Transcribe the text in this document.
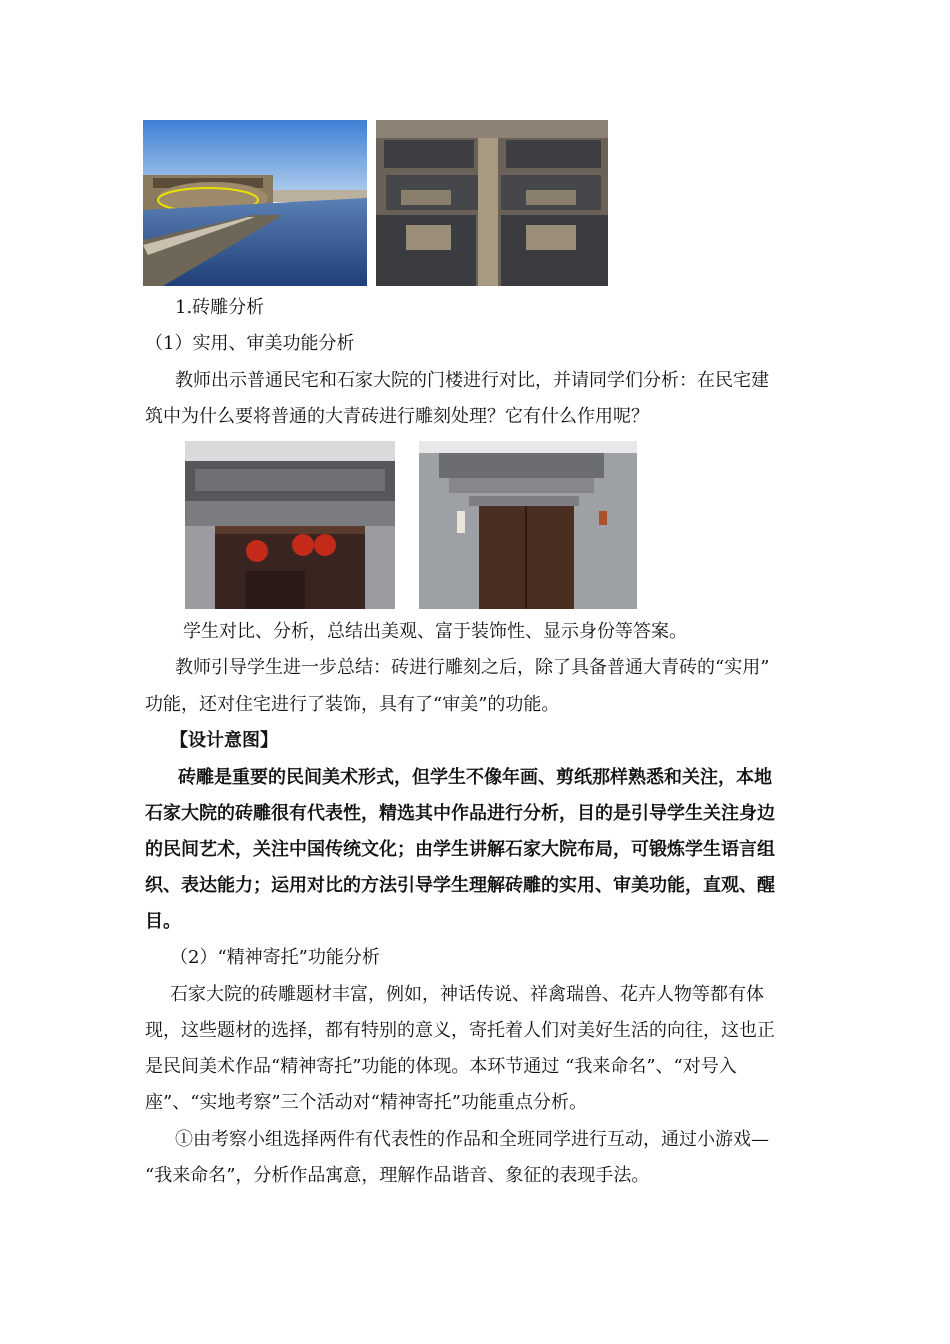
1.砖雕分析
（1）实用、审美功能分析
教师出示普通民宅和石家大院的门楼进行对比，并请同学们分析：在民宅建
筑中为什么要将普通的大青砖进行雕刻处理？它有什么作用呢？
学生对比、分析，总结出美观、富于装饰性、显示身份等答案。
教师引导学生进一步总结：砖进行雕刻之后，除了具备普通大青砖的“实用”
功能，还对住宅进行了装饰，具有了“审美”的功能。
【设计意图】
砖雕是重要的民间美术形式，但学生不像年画、剪纸那样熟悉和关注，本地
石家大院的砖雕很有代表性，精选其中作品进行分析，目的是引导学生关注身边
的民间艺术，关注中国传统文化；由学生讲解石家大院布局，可锻炼学生语言组
织、表达能力；运用对比的方法引导学生理解砖雕的实用、审美功能，直观、醒
目。
（2）“精神寄托”功能分析
石家大院的砖雕题材丰富，例如，神话传说、祥禽瑞兽、花卉人物等都有体
现，这些题材的选择，都有特别的意义，寄托着人们对美好生活的向往，这也正
是民间美术作品“精神寄托”功能的体现。本环节通过 “我来命名”、“对号入
座”、“实地考察”三个活动对“精神寄托”功能重点分析。
①由考察小组选择两件有代表性的作品和全班同学进行互动，通过小游戏—
“我来命名”，分析作品寓意，理解作品谐音、象征的表现手法。
